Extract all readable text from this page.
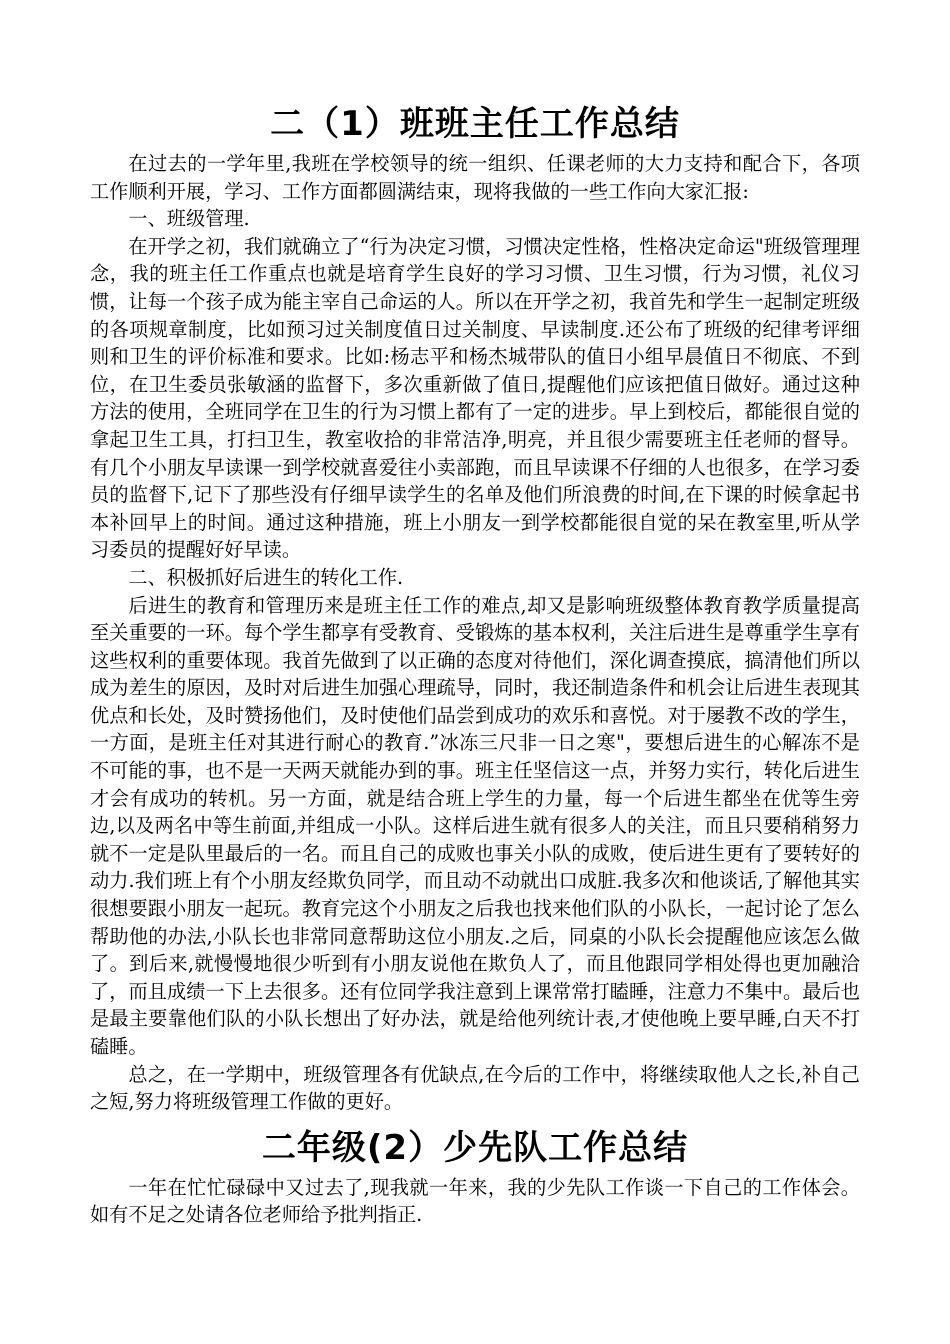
二（1）班班主任工作总结

在过去的一学年里,我班在学校领导的统一组织、任课老师的大力支持和配合下，各项工作顺利开展，学习、工作方面都圆满结束，现将我做的一些工作向大家汇报:

一、班级管理.

在开学之初，我们就确立了“行为决定习惯，习惯决定性格，性格决定命运"班级管理理念，我的班主任工作重点也就是培育学生良好的学习习惯、卫生习惯，行为习惯，礼仪习惯，让每一个孩子成为能主宰自己命运的人。所以在开学之初，我首先和学生一起制定班级的各项规章制度，比如预习过关制度值日过关制度、早读制度.还公布了班级的纪律考评细则和卫生的评价标准和要求。比如:杨志平和杨杰城带队的值日小组早晨值日不彻底、不到位，在卫生委员张敏涵的监督下，多次重新做了值日,提醒他们应该把值日做好。通过这种方法的使用，全班同学在卫生的行为习惯上都有了一定的进步。早上到校后，都能很自觉的拿起卫生工具，打扫卫生，教室收拾的非常洁净,明亮，并且很少需要班主任老师的督导。有几个小朋友早读课一到学校就喜爱往小卖部跑，而且早读课不仔细的人也很多，在学习委员的监督下,记下了那些没有仔细早读学生的名单及他们所浪费的时间,在下课的时候拿起书本补回早上的时间。通过这种措施，班上小朋友一到学校都能很自觉的呆在教室里,听从学习委员的提醒好好早读。

二、积极抓好后进生的转化工作.

后进生的教育和管理历来是班主任工作的难点,却又是影响班级整体教育教学质量提高至关重要的一环。每个学生都享有受教育、受锻炼的基本权利，关注后进生是尊重学生享有这些权利的重要体现。我首先做到了以正确的态度对待他们，深化调查摸底，搞清他们所以成为差生的原因，及时对后进生加强心理疏导，同时，我还制造条件和机会让后进生表现其优点和长处，及时赞扬他们，及时使他们品尝到成功的欢乐和喜悦。对于屡教不改的学生，一方面，是班主任对其进行耐心的教育.”冰冻三尺非一日之寒"，要想后进生的心解冻不是不可能的事，也不是一天两天就能办到的事。班主任坚信这一点，并努力实行，转化后进生才会有成功的转机。另一方面，就是结合班上学生的力量，每一个后进生都坐在优等生旁边,以及两名中等生前面,并组成一小队。这样后进生就有很多人的关注，而且只要稍稍努力就不一定是队里最后的一名。而且自己的成败也事关小队的成败，使后进生更有了要转好的动力.我们班上有个小朋友经欺负同学，而且动不动就出口成脏.我多次和他谈话,了解他其实很想要跟小朋友一起玩。教育完这个小朋友之后我也找来他们队的小队长，一起讨论了怎么帮助他的办法,小队长也非常同意帮助这位小朋友.之后，同桌的小队长会提醒他应该怎么做了。到后来,就慢慢地很少听到有小朋友说他在欺负人了，而且他跟同学相处得也更加融洽了，而且成绩一下上去很多。还有位同学我注意到上课常常打瞌睡，注意力不集中。最后也是最主要靠他们队的小队长想出了好办法，就是给他列统计表,才使他晚上要早睡,白天不打磕睡。

总之，在一学期中，班级管理各有优缺点,在今后的工作中，将继续取他人之长,补自己之短,努力将班级管理工作做的更好。

二年级(2）少先队工作总结

一年在忙忙碌碌中又过去了,现我就一年来，我的少先队工作谈一下自己的工作体会。如有不足之处请各位老师给予批判指正.
